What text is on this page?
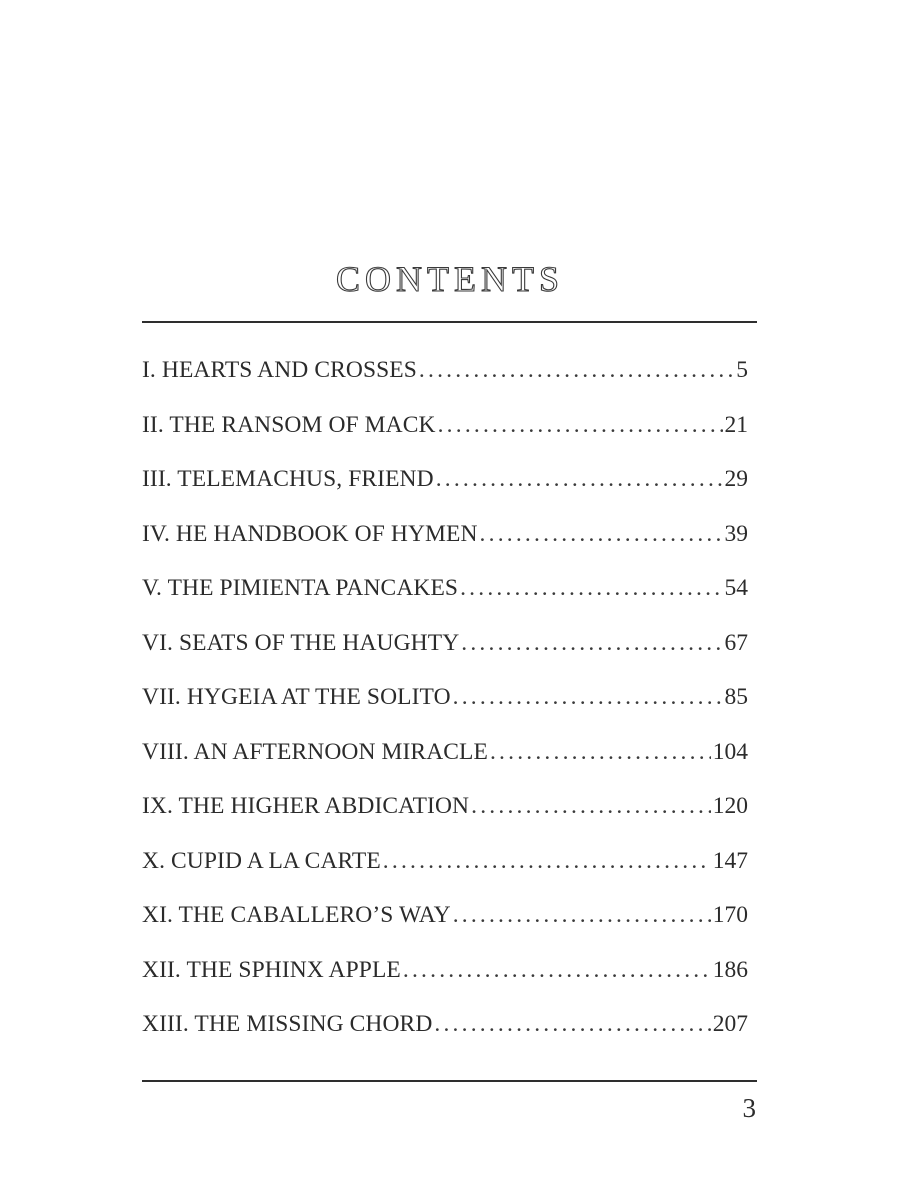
CONTENTS
I. HEARTS AND CROSSES .....	5
II. THE RANSOM OF MACK .....	21
III. TELEMACHUS, FRIEND .....	29
IV. HE HANDBOOK OF HYMEN .....	39
V. THE PIMIENTA PANCAKES .....	54
VI. SEATS OF THE HAUGHTY .....	67
VII. HYGEIA AT THE SOLITO .....	85
VIII. AN AFTERNOON MIRACLE .....	104
IX. THE HIGHER ABDICATION .....	120
X. CUPID A LA CARTE .....	147
XI. THE CABALLERO’S WAY .....	170
XII. THE SPHINX APPLE .....	186
XIII. THE MISSING CHORD .....	207
3
